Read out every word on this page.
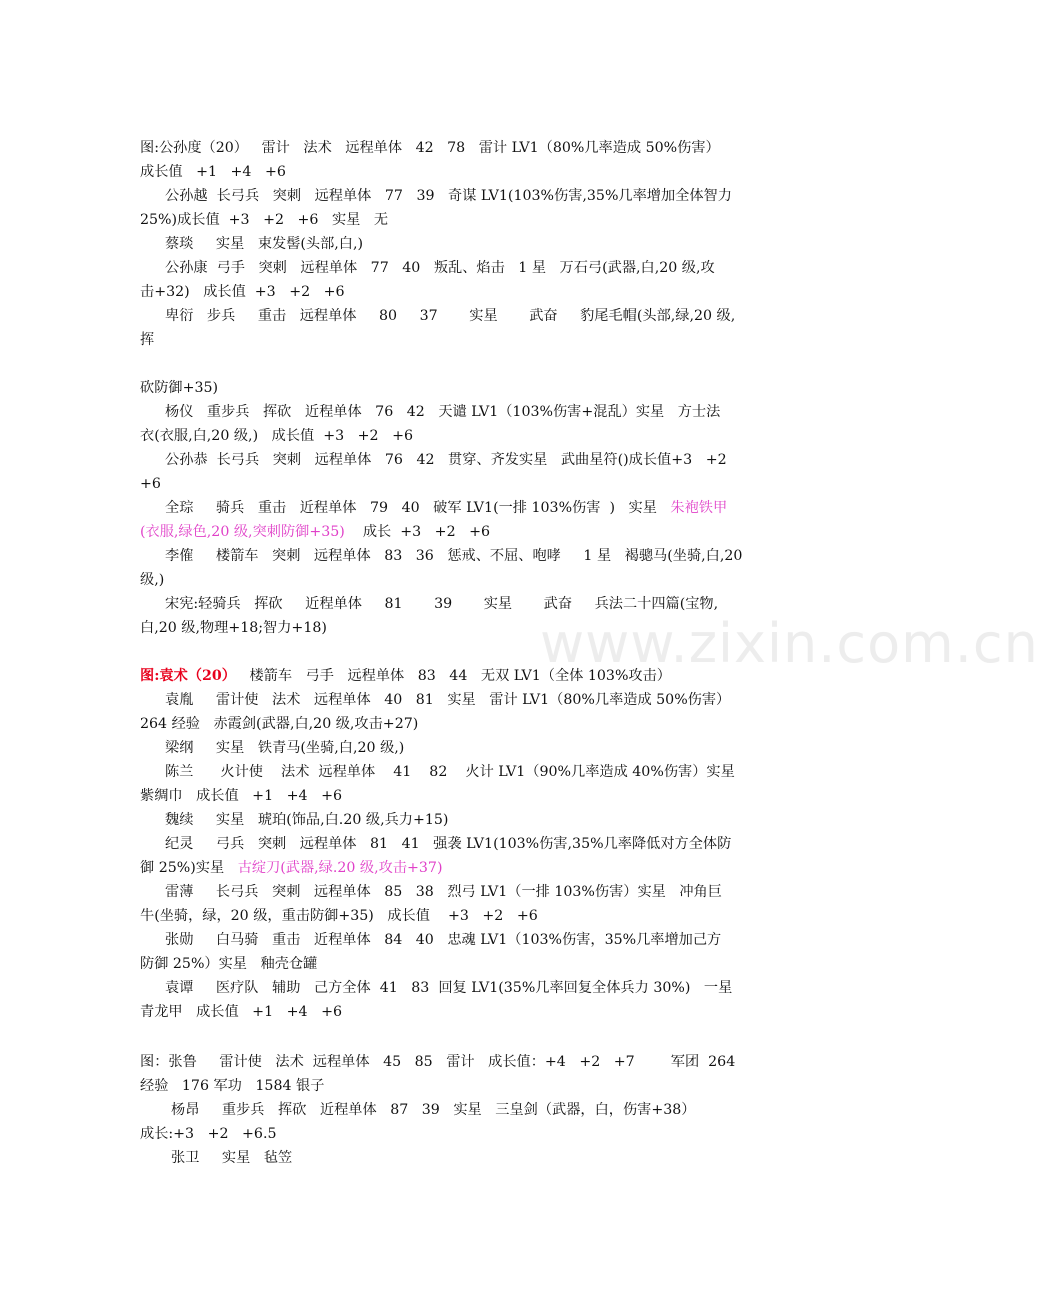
www.zixin.com.cn
图:公孙度（20）   雷计   法术   远程单体   42   78   雷计 LV1（80%几率造成 50%伤害）
成长值   +1   +4   +6
公孙越  长弓兵   突刺   远程单体   77   39   奇谋 LV1(103%伤害,35%几率增加全体智力
25%)成长值  +3   +2   +6   实星   无
蔡琰     实星   束发髻(头部,白,)
公孙康  弓手   突刺   远程单体   77   40   叛乱、焰击   1 星   万石弓(武器,白,20 级,攻
击+32)   成长值  +3   +2   +6
卑衍   步兵     重击   远程单体     80     37       实星       武奋     豹尾毛帽(头部,绿,20 级,
挥
砍防御+35)
杨仪   重步兵   挥砍   近程单体   76   42   天谴 LV1（103%伤害+混乱）实星   方士法
衣(衣服,白,20 级,)   成长值  +3   +2   +6
公孙恭  长弓兵   突刺   远程单体   76   42   贯穿、齐发实星   武曲星符()成长值+3   +2
+6
全琮     骑兵   重击   近程单体   79   40   破军 LV1(一排 103%伤害  )   实星 朱袍铁甲
(衣服,绿色,20 级,突刺防御+35) 成长  +3   +2   +6
李傕     楼箭车   突刺   远程单体   83   36   惩戒、不屈、咆哮     1 星   褐骢马(坐骑,白,20
级,)
宋宪:轻骑兵   挥砍     近程单体     81       39       实星       武奋     兵法二十四篇(宝物,
白,20 级,物理+18;智力+18)
图:袁术（20） 楼箭车   弓手   远程单体   83   44   无双 LV1（全体 103%攻击）
袁胤     雷计使   法术   远程单体   40   81   实星   雷计 LV1（80%几率造成 50%伤害）
264 经验   赤霞剑(武器,白,20 级,攻击+27)
梁纲     实星   铁青马(坐骑,白,20 级,)
陈兰      火计使    法术  远程单体    41    82    火计 LV1（90%几率造成 40%伤害）实星
紫绸巾   成长值   +1   +4   +6
魏续     实星   琥珀(饰品,白.20 级,兵力+15)
纪灵     弓兵   突刺   远程单体   81   41   强袭 LV1(103%伤害,35%几率降低对方全体防
御 25%)实星 古绽刀(武器,绿.20 级,攻击+37)
雷薄     长弓兵   突刺   远程单体   85   38   烈弓 LV1（一排 103%伤害）实星   冲角巨
牛(坐骑，绿，20 级，重击防御+35)   成长值    +3   +2   +6
张勋     白马骑   重击   近程单体   84   40   忠魂 LV1（103%伤害，35%几率增加己方
防御 25%）实星   釉壳仓罐
袁谭     医疗队   辅助   己方全体  41   83  回复 LV1(35%几率回复全体兵力 30%)   一星
青龙甲   成长值   +1   +4   +6
图：张鲁     雷计使   法术  远程单体   45   85   雷计   成长值：+4   +2   +7        军团  264
经验   176 军功   1584 银子
杨昂     重步兵   挥砍   近程单体   87   39   实星   三皇剑（武器，白，伤害+38）
成长:+3   +2   +6.5
张卫     实星   毡笠
